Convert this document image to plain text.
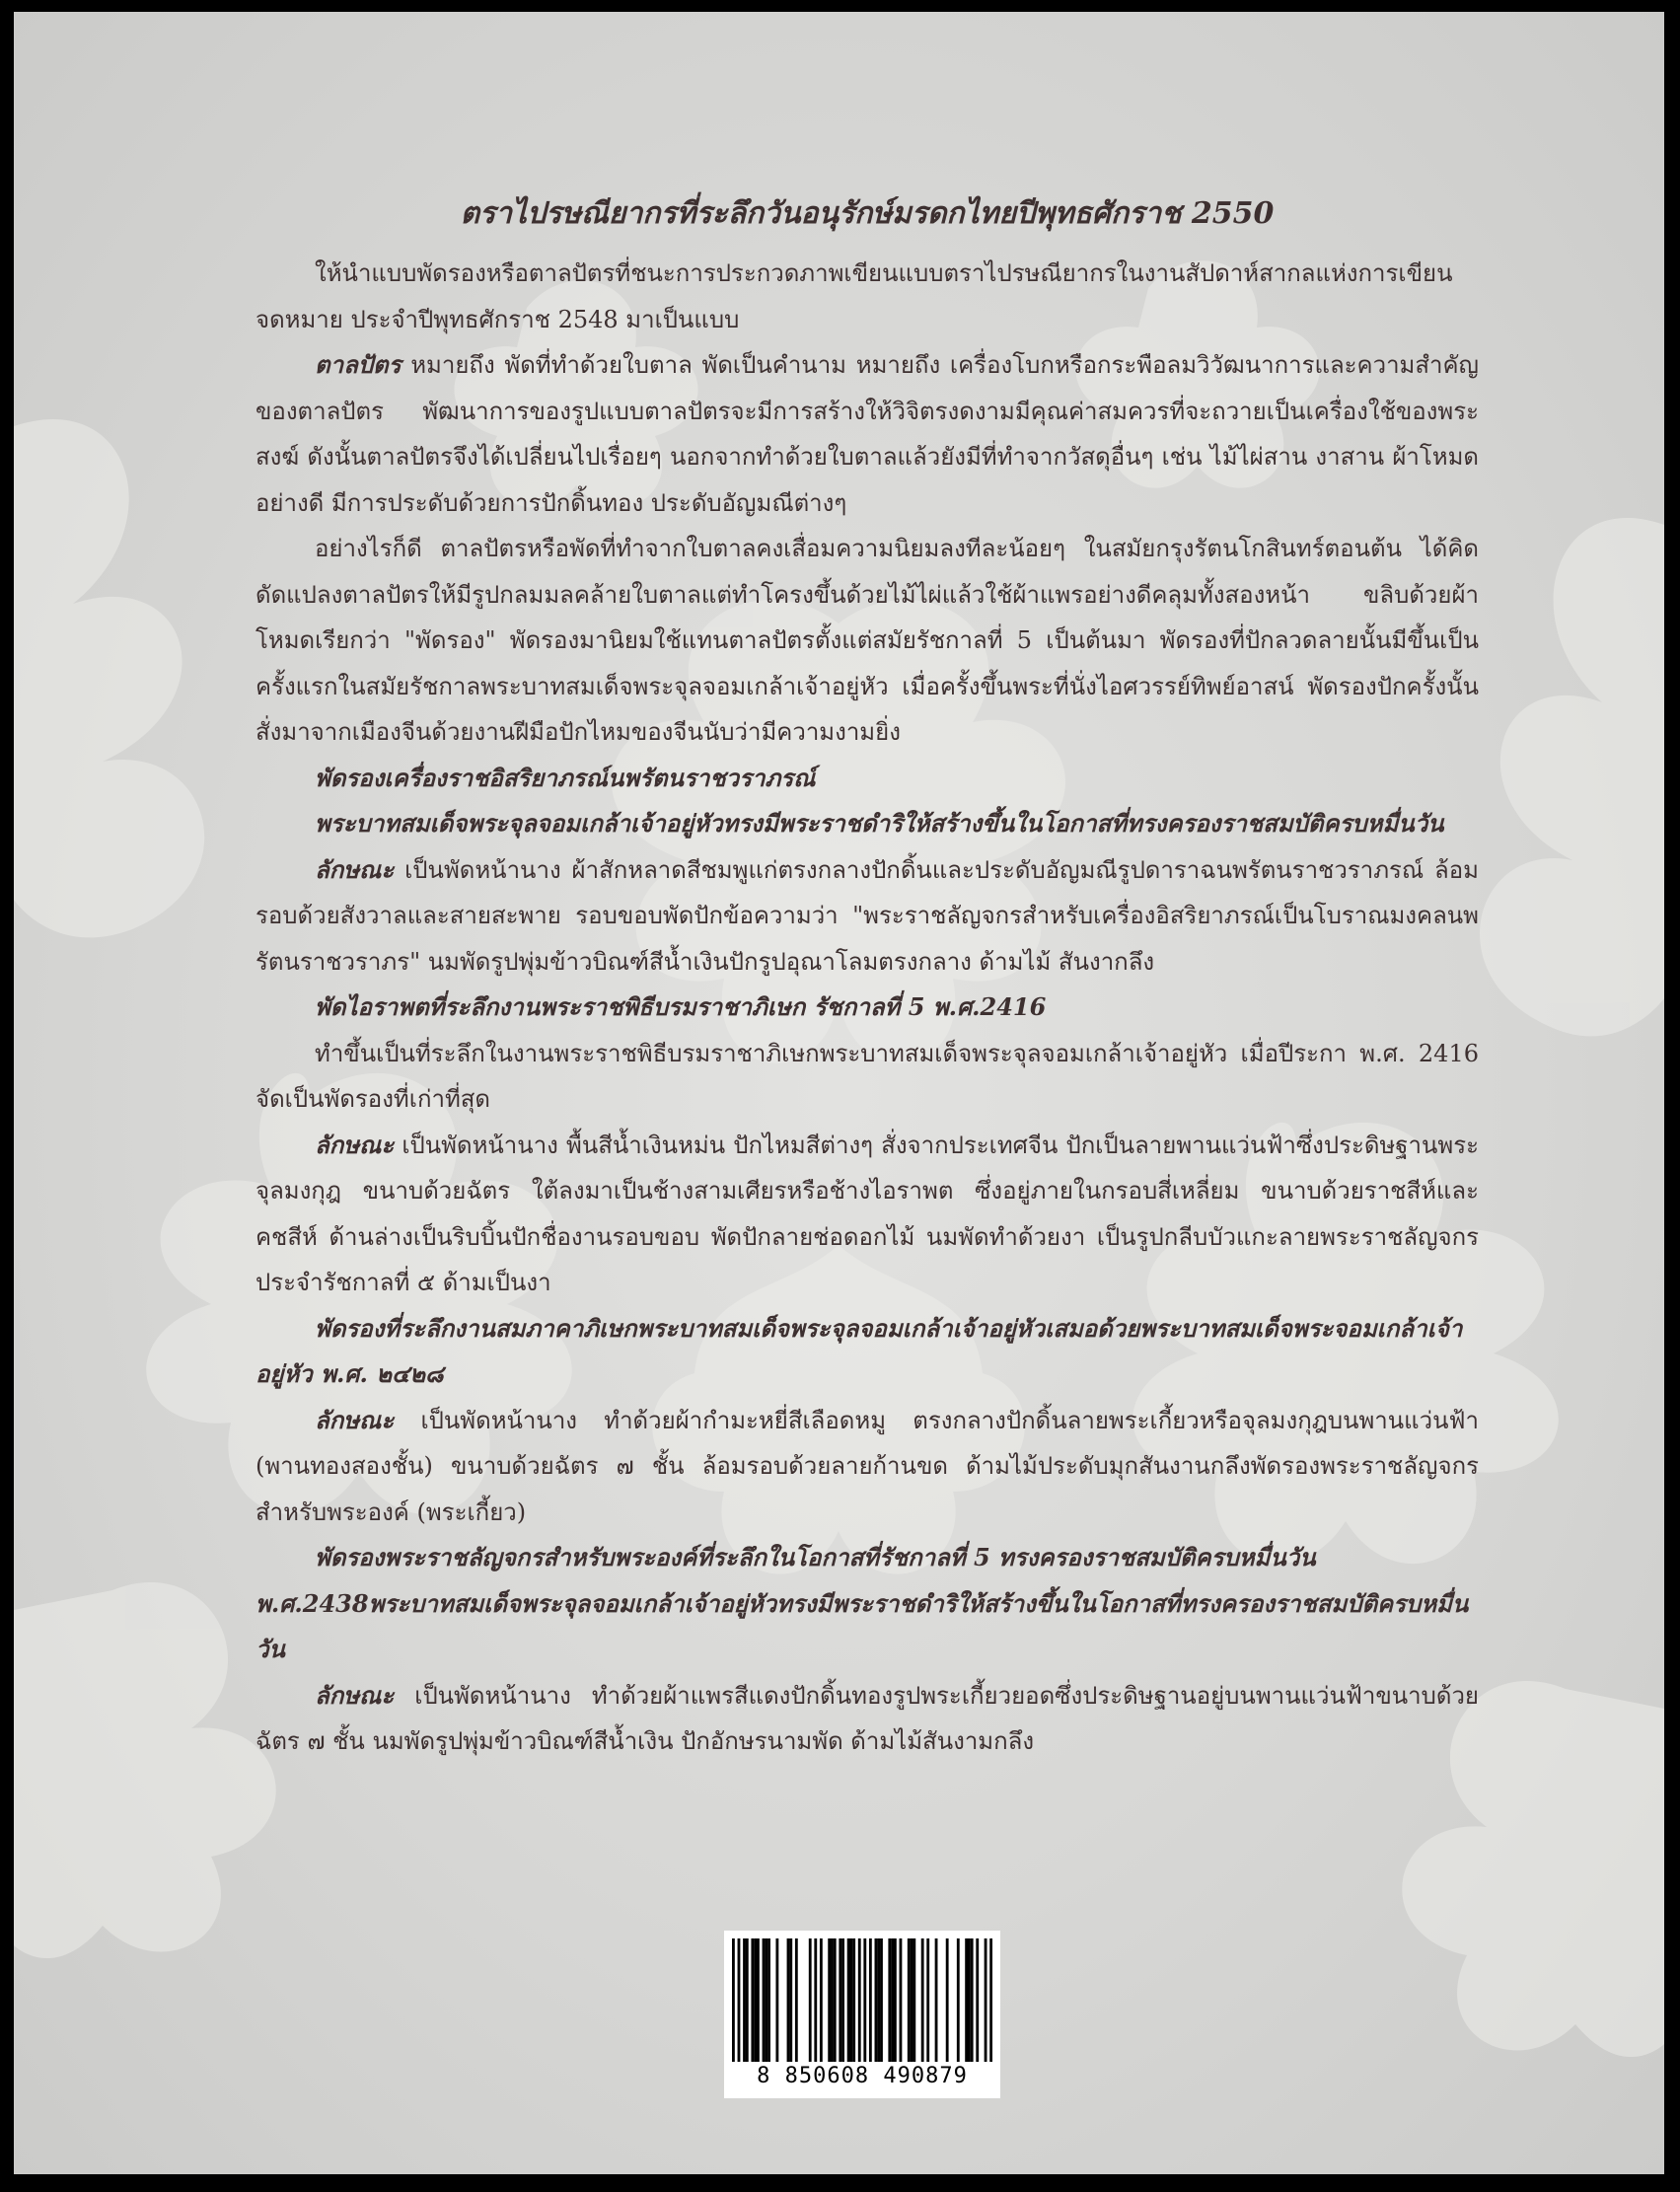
ตราไปรษณียากรที่ระลึกวันอนุรักษ์มรดกไทยปีพุทธศักราช 2550

ให้นำแบบพัดรองหรือตาลปัตรที่ชนะการประกวดภาพเขียนแบบตราไปรษณียากรในงานสัปดาห์สากลแห่งการเขียนจดหมาย ประจำปีพุทธศักราช 2548 มาเป็นแบบ

ตาลปัตร หมายถึง พัดที่ทำด้วยใบตาล พัดเป็นคำนาม หมายถึง เครื่องโบกหรือกระพือลมวิวัฒนาการและความสำคัญของตาลปัตร พัฒนาการของรูปแบบตาลปัตรจะมีการสร้างให้วิจิตรงดงามมีคุณค่าสมควรที่จะถวายเป็นเครื่องใช้ของพระสงฆ์ ดังนั้นตาลปัตรจึงได้เปลี่ยนไปเรื่อยๆ นอกจากทำด้วยใบตาลแล้วยังมีที่ทำจากวัสดุอื่นๆ เช่น ไม้ไผ่สาน งาสาน ผ้าโหมดอย่างดี มีการประดับด้วยการปักดิ้นทอง ประดับอัญมณีต่างๆ

อย่างไรก็ดี ตาลปัตรหรือพัดที่ทำจากใบตาลคงเสื่อมความนิยมลงทีละน้อยๆ ในสมัยกรุงรัตนโกสินทร์ตอนต้น ได้คิดดัดแปลงตาลปัตรให้มีรูปกลมมลคล้ายใบตาลแต่ทำโครงขึ้นด้วยไม้ไผ่แล้วใช้ผ้าแพรอย่างดีคลุมทั้งสองหน้า ขลิบด้วยผ้าโหมดเรียกว่า "พัดรอง" พัดรองมานิยมใช้แทนตาลปัตรตั้งแต่สมัยรัชกาลที่ 5 เป็นต้นมา พัดรองที่ปักลวดลายนั้นมีขึ้นเป็นครั้งแรกในสมัยรัชกาลพระบาทสมเด็จพระจุลจอมเกล้าเจ้าอยู่หัว เมื่อครั้งขึ้นพระที่นั่งไอศวรรย์ทิพย์อาสน์ พัดรองปักครั้งนั้นสั่งมาจากเมืองจีนด้วยงานฝีมือปักไหมของจีนนับว่ามีความงามยิ่ง

พัดรองเครื่องราชอิสริยาภรณ์นพรัตนราชวราภรณ์

พระบาทสมเด็จพระจุลจอมเกล้าเจ้าอยู่หัวทรงมีพระราชดำริให้สร้างขึ้นในโอกาสที่ทรงครองราชสมบัติครบหมื่นวัน

ลักษณะ เป็นพัดหน้านาง ผ้าสักหลาดสีชมพูแก่ตรงกลางปักดิ้นและประดับอัญมณีรูปดาราฉนพรัตนราชวราภรณ์ ล้อมรอบด้วยสังวาลและสายสะพาย รอบขอบพัดปักข้อความว่า "พระราชลัญจกรสำหรับเครื่องอิสริยาภรณ์เป็นโบราณมงคลนพรัตนราชวราภร" นมพัดรูปพุ่มข้าวบิณฑ์สีน้ำเงินปักรูปอุณาโลมตรงกลาง ด้ามไม้ สันงากลึง

พัดไอราพตที่ระลึกงานพระราชพิธีบรมราชาภิเษก รัชกาลที่ 5 พ.ศ.2416

ทำขึ้นเป็นที่ระลึกในงานพระราชพิธีบรมราชาภิเษกพระบาทสมเด็จพระจุลจอมเกล้าเจ้าอยู่หัว เมื่อปีระกา พ.ศ. 2416 จัดเป็นพัดรองที่เก่าที่สุด

ลักษณะ เป็นพัดหน้านาง พื้นสีน้ำเงินหม่น ปักไหมสีต่างๆ สั่งจากประเทศจีน ปักเป็นลายพานแว่นฟ้าซึ่งประดิษฐานพระจุลมงกุฎ ขนาบด้วยฉัตร ใต้ลงมาเป็นช้างสามเศียรหรือช้างไอราพต ซึ่งอยู่ภายในกรอบสี่เหลี่ยม ขนาบด้วยราชสีห์และคชสีห์ ด้านล่างเป็นริบบิ้นปักชื่องานรอบขอบ พัดปักลายช่อดอกไม้ นมพัดทำด้วยงา เป็นรูปกลีบบัวแกะลายพระราชลัญจกรประจำรัชกาลที่ ๕ ด้ามเป็นงา

พัดรองที่ระลึกงานสมภาคาภิเษกพระบาทสมเด็จพระจุลจอมเกล้าเจ้าอยู่หัวเสมอด้วยพระบาทสมเด็จพระจอมเกล้าเจ้าอยู่หัว พ.ศ. ๒๔๒๘

ลักษณะ เป็นพัดหน้านาง ทำด้วยผ้ากำมะหยี่สีเลือดหมู ตรงกลางปักดิ้นลายพระเกี้ยวหรือจุลมงกุฎบนพานแว่นฟ้า (พานทองสองชั้น) ขนาบด้วยฉัตร ๗ ชั้น ล้อมรอบด้วยลายก้านขด ด้ามไม้ประดับมุกสันงานกลึงพัดรองพระราชลัญจกรสำหรับพระองค์ (พระเกี้ยว)

พัดรองพระราชลัญจกรสำหรับพระองค์ที่ระลึกในโอกาสที่รัชกาลที่ 5 ทรงครองราชสมบัติครบหมื่นวัน พ.ศ.2438พระบาทสมเด็จพระจุลจอมเกล้าเจ้าอยู่หัวทรงมีพระราชดำริให้สร้างขึ้นในโอกาสที่ทรงครองราชสมบัติครบหมื่นวัน

ลักษณะ เป็นพัดหน้านาง ทำด้วยผ้าแพรสีแดงปักดิ้นทองรูปพระเกี้ยวยอดซึ่งประดิษฐานอยู่บนพานแว่นฟ้าขนาบด้วยฉัตร ๗ ชั้น นมพัดรูปพุ่มข้าวบิณฑ์สีน้ำเงิน ปักอักษรนามพัด ด้ามไม้สันงามกลึง

8 850608 490879
